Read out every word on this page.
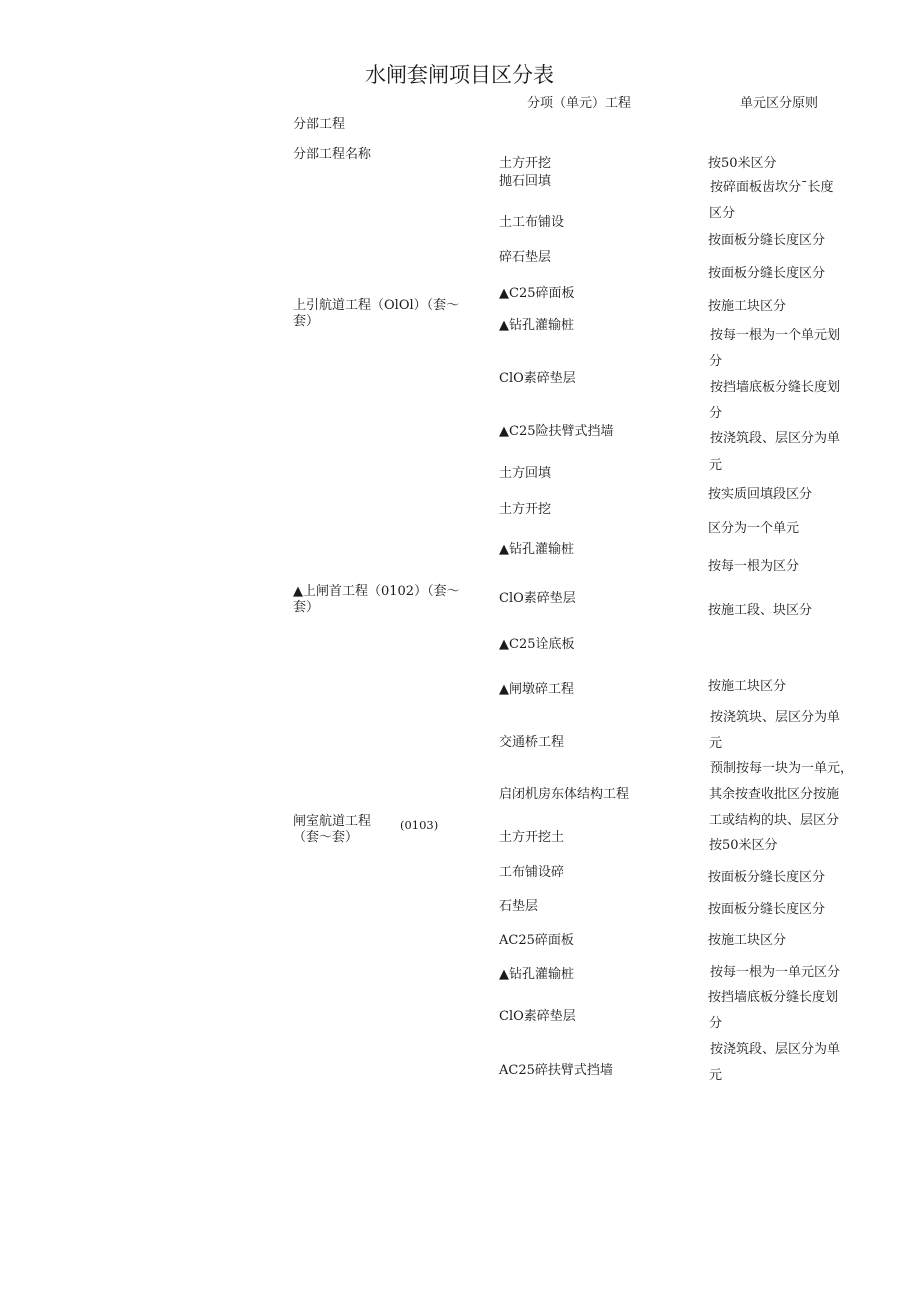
水闸套闸项目区分表
分项（单元）工程	单元区分原则
分部工程
分部工程名称
上引航道工程（OlOl）（套～套）
▲上闸首工程（0102）（套～套）
闸室航道工程（套～套）
(0103)
土方开挖
抛石回填
土工布铺设
碎石垫层
▲C25碎面板
▲钻孔灌输桩
ClO素碎垫层
▲C25险扶臂式挡墙
土方回填
土方开挖
▲钻孔灌输桩
ClO素碎垫层
▲C25诠底板
▲闸墩碎工程
交通桥工程
启闭机房东体结构工程
土方开挖土
工布铺设碎
石垫层
AC25碎面板
▲钻孔灌输桩
ClO素碎垫层
AC25碎扶臂式挡墙
按50米区分
按碎面板齿坎分ˉ长度
区分
按面板分缝长度区分
按面板分缝长度区分
按施工块区分
按每一根为一个单元划
分
按挡墙底板分缝长度划
分
按浇筑段、层区分为单
元
按实质回填段区分
区分为一个单元
按每一根为区分
按施工段、块区分
按施工块区分
按浇筑块、层区分为单
元
预制按每一块为一单元，
其余按查收批区分按施
工或结构的块、层区分
按50米区分
按面板分缝长度区分
按面板分缝长度区分
按施工块区分
按每一根为一单元区分
按挡墙底板分缝长度划
分
按浇筑段、层区分为单
元
